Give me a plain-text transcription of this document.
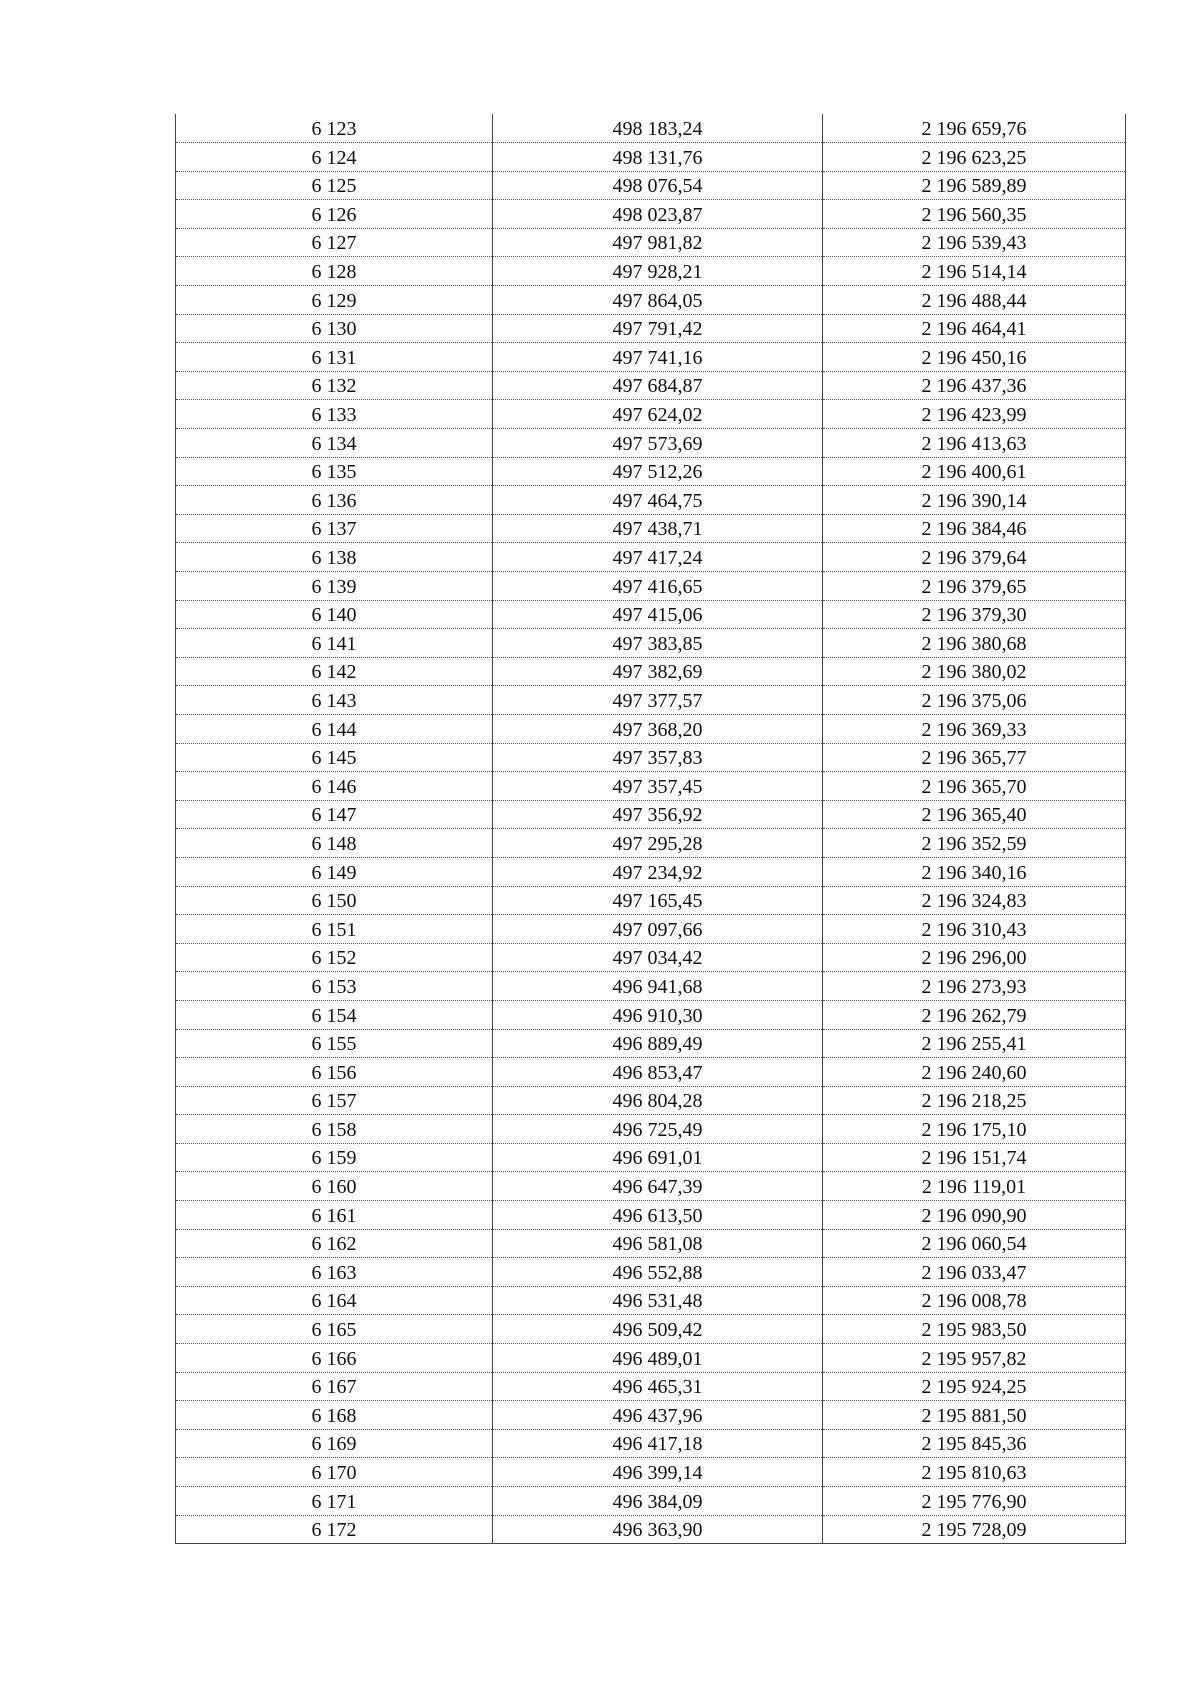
6 123	498 183,24	2 196 659,76
6 124	498 131,76	2 196 623,25
6 125	498 076,54	2 196 589,89
6 126	498 023,87	2 196 560,35
6 127	497 981,82	2 196 539,43
6 128	497 928,21	2 196 514,14
6 129	497 864,05	2 196 488,44
6 130	497 791,42	2 196 464,41
6 131	497 741,16	2 196 450,16
6 132	497 684,87	2 196 437,36
6 133	497 624,02	2 196 423,99
6 134	497 573,69	2 196 413,63
6 135	497 512,26	2 196 400,61
6 136	497 464,75	2 196 390,14
6 137	497 438,71	2 196 384,46
6 138	497 417,24	2 196 379,64
6 139	497 416,65	2 196 379,65
6 140	497 415,06	2 196 379,30
6 141	497 383,85	2 196 380,68
6 142	497 382,69	2 196 380,02
6 143	497 377,57	2 196 375,06
6 144	497 368,20	2 196 369,33
6 145	497 357,83	2 196 365,77
6 146	497 357,45	2 196 365,70
6 147	497 356,92	2 196 365,40
6 148	497 295,28	2 196 352,59
6 149	497 234,92	2 196 340,16
6 150	497 165,45	2 196 324,83
6 151	497 097,66	2 196 310,43
6 152	497 034,42	2 196 296,00
6 153	496 941,68	2 196 273,93
6 154	496 910,30	2 196 262,79
6 155	496 889,49	2 196 255,41
6 156	496 853,47	2 196 240,60
6 157	496 804,28	2 196 218,25
6 158	496 725,49	2 196 175,10
6 159	496 691,01	2 196 151,74
6 160	496 647,39	2 196 119,01
6 161	496 613,50	2 196 090,90
6 162	496 581,08	2 196 060,54
6 163	496 552,88	2 196 033,47
6 164	496 531,48	2 196 008,78
6 165	496 509,42	2 195 983,50
6 166	496 489,01	2 195 957,82
6 167	496 465,31	2 195 924,25
6 168	496 437,96	2 195 881,50
6 169	496 417,18	2 195 845,36
6 170	496 399,14	2 195 810,63
6 171	496 384,09	2 195 776,90
6 172	496 363,90	2 195 728,09
